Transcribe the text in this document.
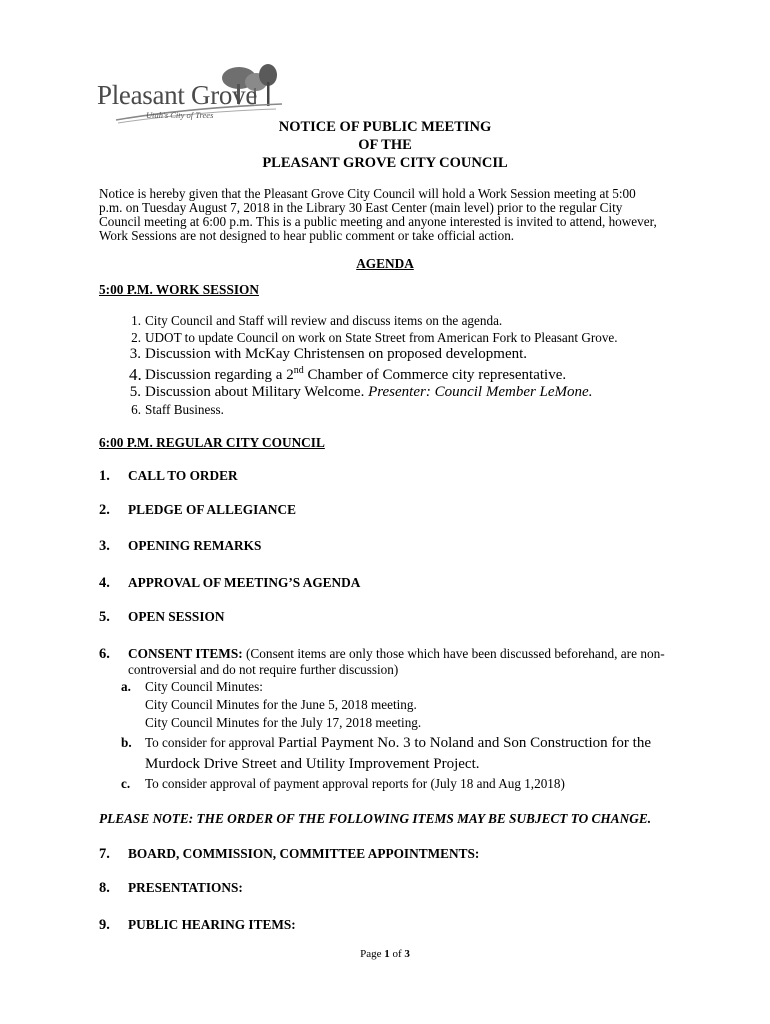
Pleasant Grove
Utah's City of Trees
NOTICE OF PUBLIC MEETING
OF THE
PLEASANT GROVE CITY COUNCIL
Notice is hereby given that the Pleasant Grove City Council will hold a Work Session meeting at 5:00
p.m. on Tuesday August 7, 2018 in the Library 30 East Center (main level) prior to the regular City
Council meeting at 6:00 p.m. This is a public meeting and anyone interested is invited to attend, however,
Work Sessions are not designed to hear public comment or take official action.
AGENDA
5:00 P.M. WORK SESSION
1. City Council and Staff will review and discuss items on the agenda.
2. UDOT to update Council on work on State Street from American Fork to Pleasant Grove.
3. Discussion with McKay Christensen on proposed development.
4. Discussion regarding a 2nd Chamber of Commerce city representative.
5. Discussion about Military Welcome. Presenter: Council Member LeMone.
6. Staff Business.
6:00 P.M. REGULAR CITY COUNCIL
1. CALL TO ORDER
2. PLEDGE OF ALLEGIANCE
3. OPENING REMARKS
4. APPROVAL OF MEETING’S AGENDA
5. OPEN SESSION
6. CONSENT ITEMS: (Consent items are only those which have been discussed beforehand, are non-
controversial and do not require further discussion)
a. City Council Minutes:
City Council Minutes for the June 5, 2018 meeting.
City Council Minutes for the July 17, 2018 meeting.
b. To consider for approval Partial Payment No. 3 to Noland and Son Construction for the
Murdock Drive Street and Utility Improvement Project.
c. To consider approval of payment approval reports for (July 18 and Aug 1,2018)
PLEASE NOTE: THE ORDER OF THE FOLLOWING ITEMS MAY BE SUBJECT TO CHANGE.
7. BOARD, COMMISSION, COMMITTEE APPOINTMENTS:
8. PRESENTATIONS:
9. PUBLIC HEARING ITEMS:
Page 1 of 3
